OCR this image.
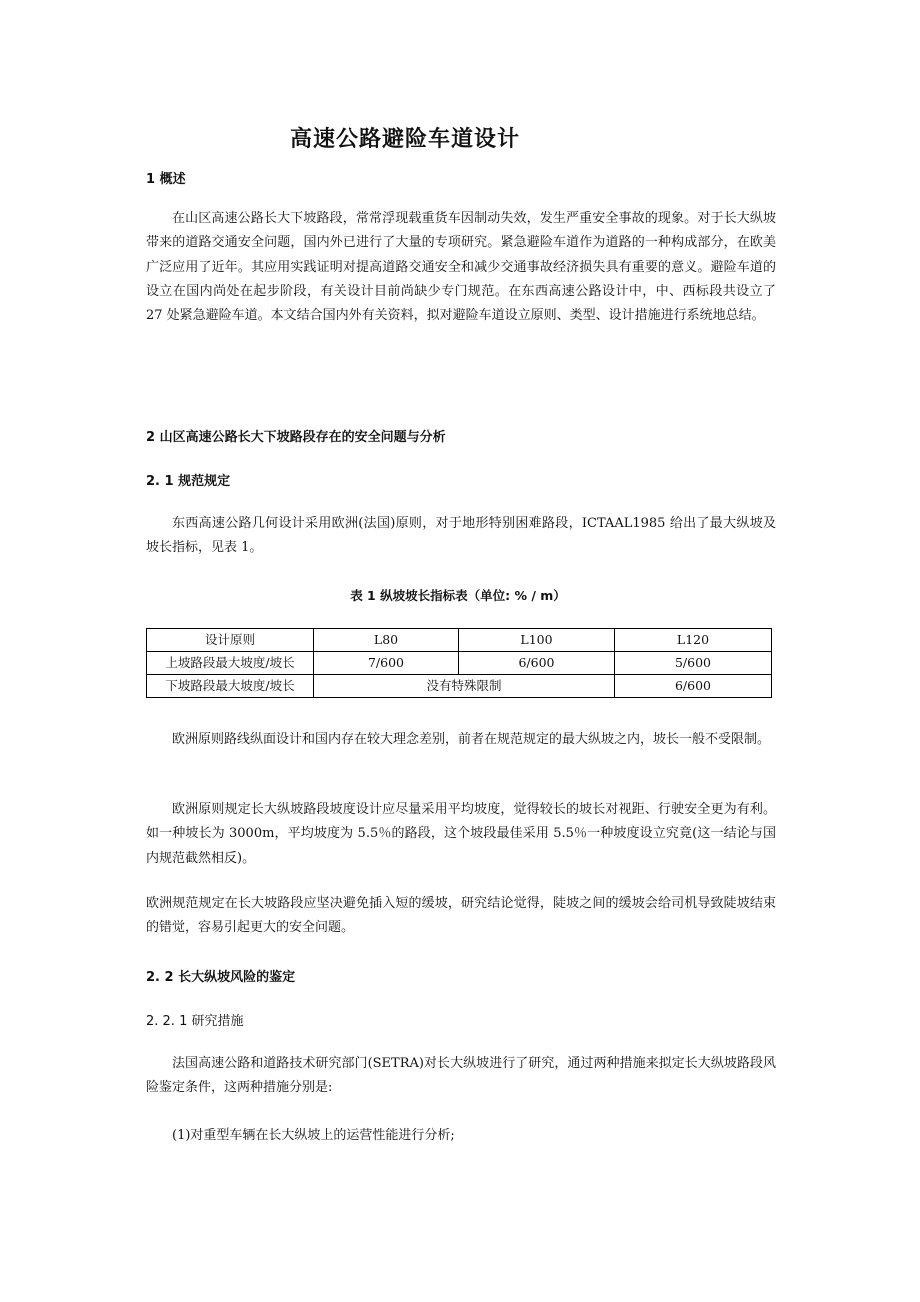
高速公路避险车道设计
1 概述

在山区高速公路长大下坡路段，常常浮现载重货车因制动失效，发生严重安全事故的现象。对于长大纵坡带来的道路交通安全问题，国内外已进行了大量的专项研究。紧急避险车道作为道路的一种构成部分，在欧美广泛应用了近年。其应用实践证明对提高道路交通安全和减少交通事故经济损失具有重要的意义。避险车道的设立在国内尚处在起步阶段，有关设计目前尚缺少专门规范。在东西高速公路设计中，中、西标段共设立了 27 处紧急避险车道。本文结合国内外有关资料，拟对避险车道设立原则、类型、设计措施进行系统地总结。

2 山区高速公路长大下坡路段存在的安全问题与分析
2. 1 规范规定

东西高速公路几何设计采用欧洲(法国)原则，对于地形特别困难路段，ICTAAL1985 给出了最大纵坡及坡长指标，见表 1。

表 1 纵坡坡长指标表（单位: % / m）
设计原则	L80	L100	L120
上坡路段最大坡度/坡长	7/600	6/600	5/600
下坡路段最大坡度/坡长	没有特殊限制		6/600

欧洲原则路线纵面设计和国内存在较大理念差别，前者在规范规定的最大纵坡之内，坡长一般不受限制。

欧洲原则规定长大纵坡路段坡度设计应尽量采用平均坡度，觉得较长的坡长对视距、行驶安全更为有利。如一种坡长为 3000m，平均坡度为 5.5％的路段，这个坡段最佳采用 5.5％一种坡度设立究竟(这一结论与国内规范截然相反)。

欧洲规范规定在长大坡路段应坚决避免插入短的缓坡，研究结论觉得，陡坡之间的缓坡会给司机导致陡坡结束的错觉，容易引起更大的安全问题。

2. 2 长大纵坡风险的鉴定
2. 2. 1 研究措施

法国高速公路和道路技术研究部门(SETRA)对长大纵坡进行了研究，通过两种措施来拟定长大纵坡路段风险鉴定条件，这两种措施分别是:

(1)对重型车辆在长大纵坡上的运营性能进行分析;
